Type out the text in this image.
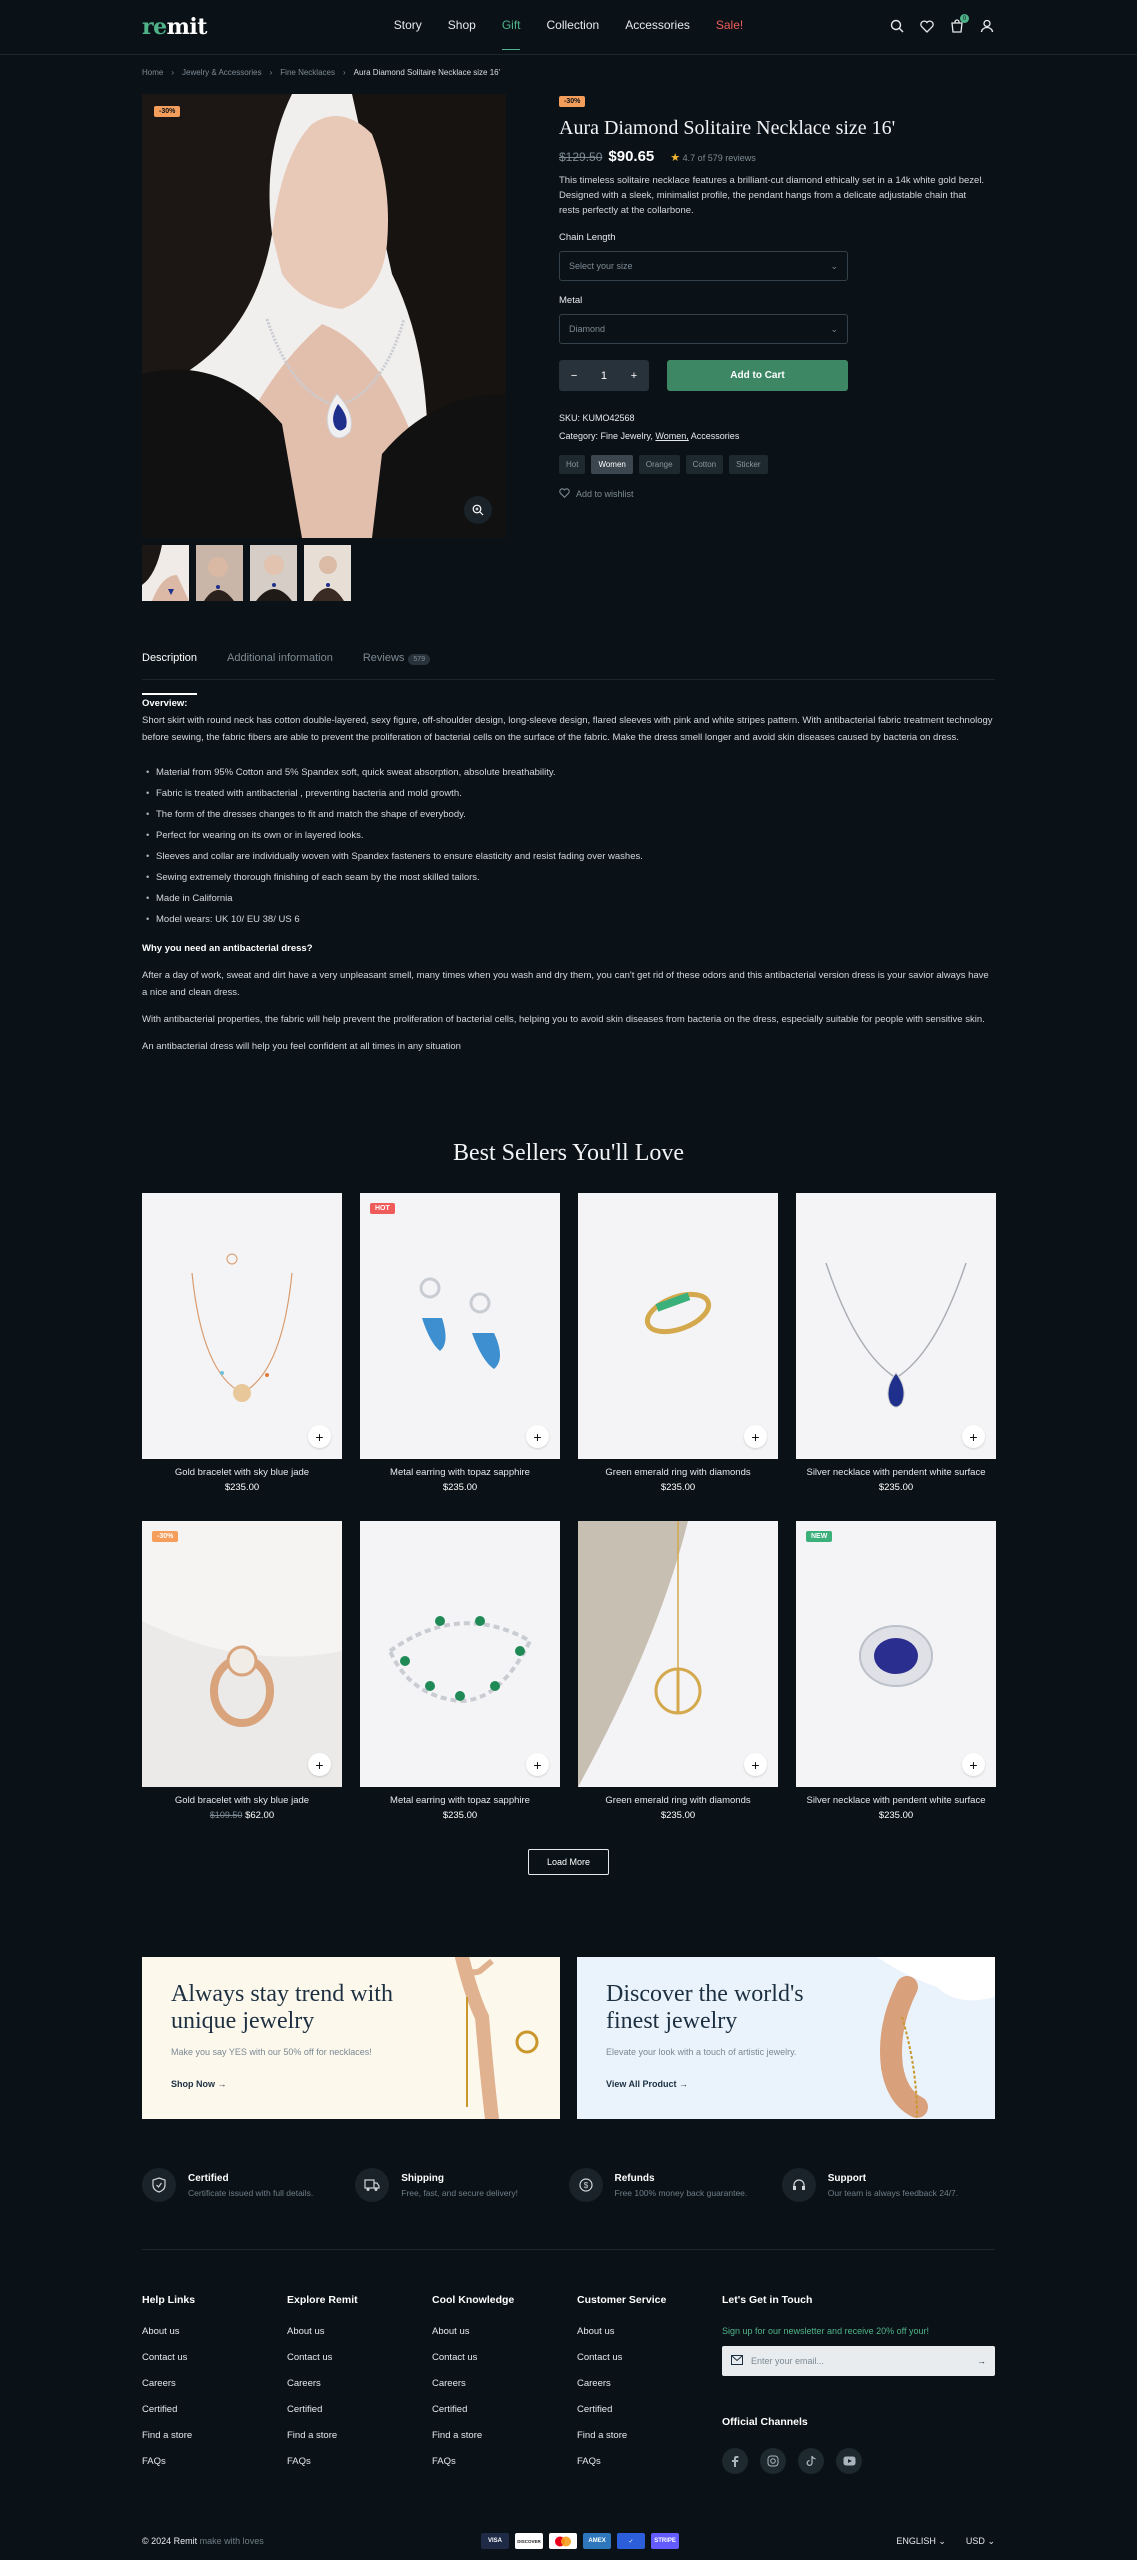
remit	Story Shop Gift Collection Accessories Sale!	0
Home › Jewelry & Accessories › Fine Necklaces › Aura Diamond Solitaire Necklace size 16'
-30%
-30%
Aura Diamond Solitaire Necklace size 16'
$129.50 $90.65 ★ 4.7 of 579 reviews

This timeless solitaire necklace features a brilliant-cut diamond ethically set in a 14k white gold bezel. Designed with a sleek, minimalist profile, the pendant hangs from a delicate adjustable chain that rests perfectly at the collarbone.

Chain Length
Select your size	⌄
Metal
Diamond	⌄
− 1 +	Add to Cart
SKU: KUMO42568
Category: Fine Jewelry, Women, Accessories
Hot	Women	Orange	Cotton	Sticker
Add to wishlist
Description	Additional information	Reviews 579
Overview:
Short skirt with round neck has cotton double-layered, sexy figure, off-shoulder design, long-sleeve design, flared sleeves with pink and white stripes pattern. With antibacterial fabric treatment technology before sewing, the fabric fibers are able to prevent the proliferation of bacterial cells on the surface of the fabric. Make the dress smell longer and avoid skin diseases caused by bacteria on dress.
• Material from 95% Cotton and 5% Spandex soft, quick sweat absorption, absolute breathability.
• Fabric is treated with antibacterial , preventing bacteria and mold growth.
• The form of the dresses changes to fit and match the shape of everybody.
• Perfect for wearing on its own or in layered looks.
• Sleeves and collar are individually woven with Spandex fasteners to ensure elasticity and resist fading over washes.
• Sewing extremely thorough finishing of each seam by the most skilled tailors.
• Made in California
• Model wears: UK 10/ EU 38/ US 6
Why you need an antibacterial dress?

After a day of work, sweat and dirt have a very unpleasant smell, many times when you wash and dry them, you can't get rid of these odors and this antibacterial version dress is your savior always have a nice and clean dress.

With antibacterial properties, the fabric will help prevent the proliferation of bacterial cells, helping you to avoid skin diseases from bacteria on the dress, especially suitable for people with sensitive skin.

An antibacterial dress will help you feel confident at all times in any situation

Best Sellers You'll Love
+
Gold bracelet with sky blue jade
$235.00
HOT
+
Metal earring with topaz sapphire
$235.00
+
Green emerald ring with diamonds
$235.00
+
Silver necklace with pendent white surface
$235.00
-30%
+
Gold bracelet with sky blue jade
$109.50 $62.00
+
Metal earring with topaz sapphire
$235.00
+
Green emerald ring with diamonds
$235.00
NEW
+
Silver necklace with pendent white surface
$235.00
Load More
Always stay trend with unique jewelry
Make you say YES with our 50% off for necklaces!
Shop Now →
Discover the world's finest jewelry
Elevate your look with a touch of artistic jewelry.
View All Product →
Certified
Certificate issued with full details.
Shipping
Free, fast, and secure delivery!
$
Refunds
Free 100% money back guarantee.
Support
Our team is always feedback 24/7.
Help Links
About us
Contact us
Careers
Certified
Find a store
FAQs
Explore Remit
About us
Contact us
Careers
Certified
Find a store
FAQs
Cool Knowledge
About us
Contact us
Careers
Certified
Find a store
FAQs
Customer Service
About us
Contact us
Careers
Certified
Find a store
FAQs
Let's Get in Touch
Sign up for our newsletter and receive 20% off your!
Enter your email...	→
Official Channels
© 2024 Remit make with loves	VISA	DISCOVER	AMEX	✓	STRIPE	ENGLISH ⌄ USD ⌄
